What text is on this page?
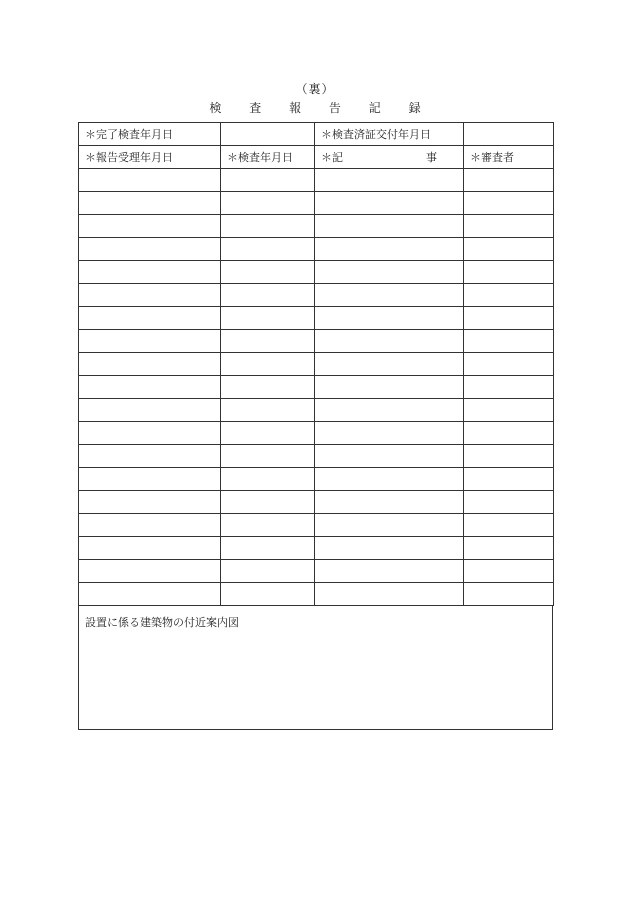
（裏）
検 査 報 告 記 録
＊完了検査年月日		＊検査済証交付年月日	
＊報告受理年月日	＊検査年月日	＊記 事	＊審査者

設置に係る建築物の付近案内図
